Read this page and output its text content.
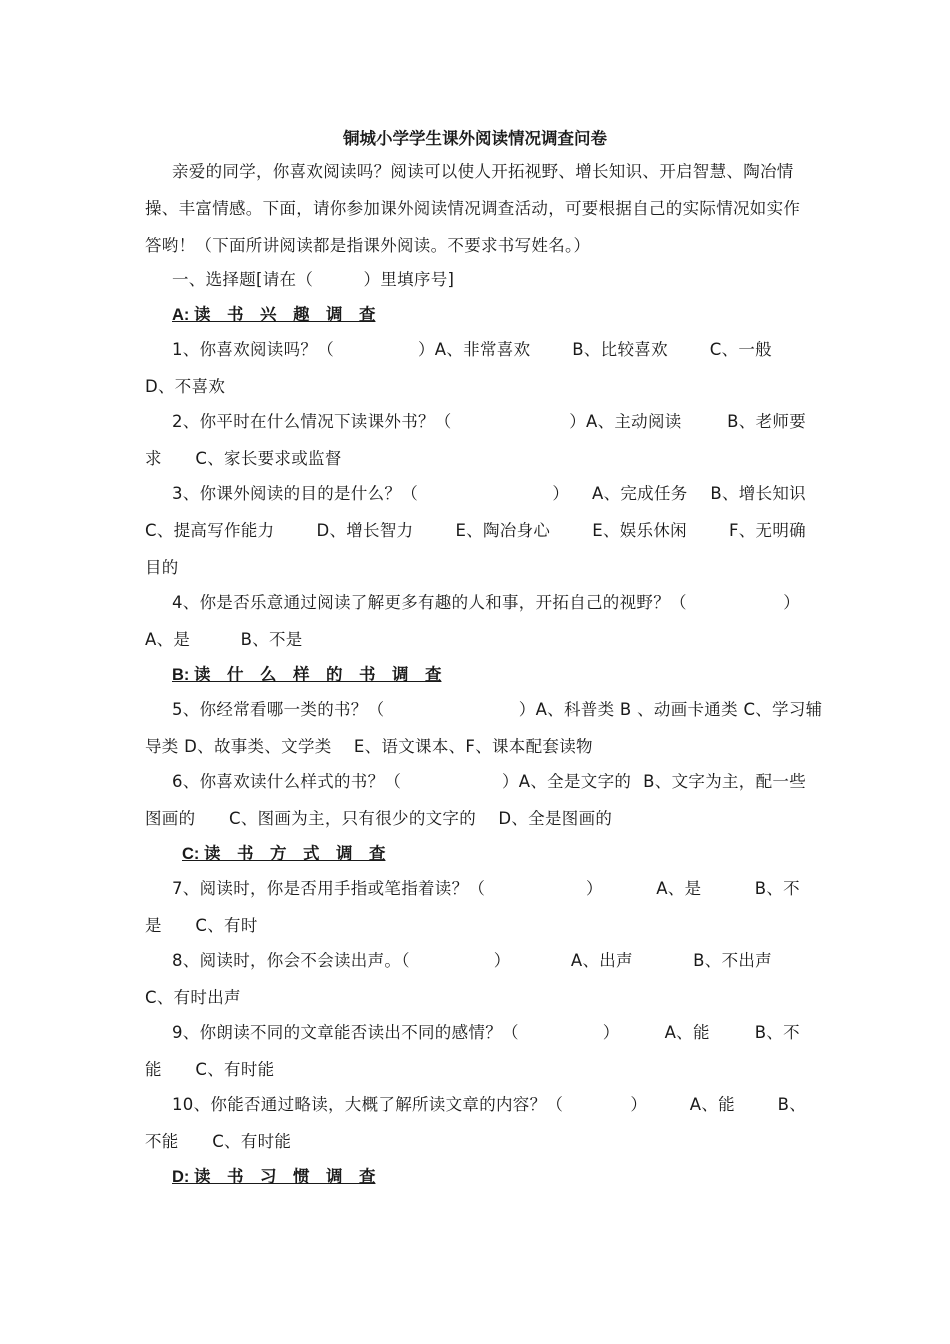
铜城小学学生课外阅读情况调查问卷
亲爱的同学，你喜欢阅读吗？阅读可以使人开拓视野、增长知识、开启智慧、陶冶情
操、丰富情感。下面，请你参加课外阅读情况调查活动，可要根据自己的实际情况如实作
答哟！（下面所讲阅读都是指课外阅读。不要求书写姓名。）
一、选择题[请在（　　　）里填序号]
A: 读　书　兴　趣　调　查
1、你喜欢阅读吗？（　　　　　）A、非常喜欢	B、比较喜欢	C、一般
D、不喜欢
2、你平时在什么情况下读课外书？（　　　　　　　）A、主动阅读	B、老师要
求　　C、家长要求或监督
3、你课外阅读的目的是什么？（　　　　　　　　） A、完成任务 B、增长知识
C、提高写作能力	D、增长智力	E、陶冶身心	E、娱乐休闲	F、无明确
目的
4、你是否乐意通过阅读了解更多有趣的人和事，开拓自己的视野？（	）
A、是　　　B、不是
B: 读　什　么　样　的　书　调　查
5、你经常看哪一类的书？（　　　　　　　　）A、科普类 B 、动画卡通类 C、学习辅
导类 D、故事类、文学类　 E、语文课本、F、课本配套读物
6、你喜欢读什么样式的书？（　　　　　　）A、全是文字的 B、文字为主，配一些
图画的　　C、图画为主，只有很少的文字的　 D、全是图画的
C: 读　书　方　式　调　查
7、阅读时，你是否用手指或笔指着读？（　　　　　　）	A、是	B、不
是　　C、有时
8、阅读时，你会不会读出声。（　　　　　）	A、出声	B、不出声
C、有时出声
9、你朗读不同的文章能否读出不同的感情？（　　　　　）	A、能	B、不
能　　C、有时能
10、你能否通过略读，大概了解所读文章的内容？（　　　　）	A、能	B、
不能　　C、有时能
D: 读　书　习　惯　调　查
